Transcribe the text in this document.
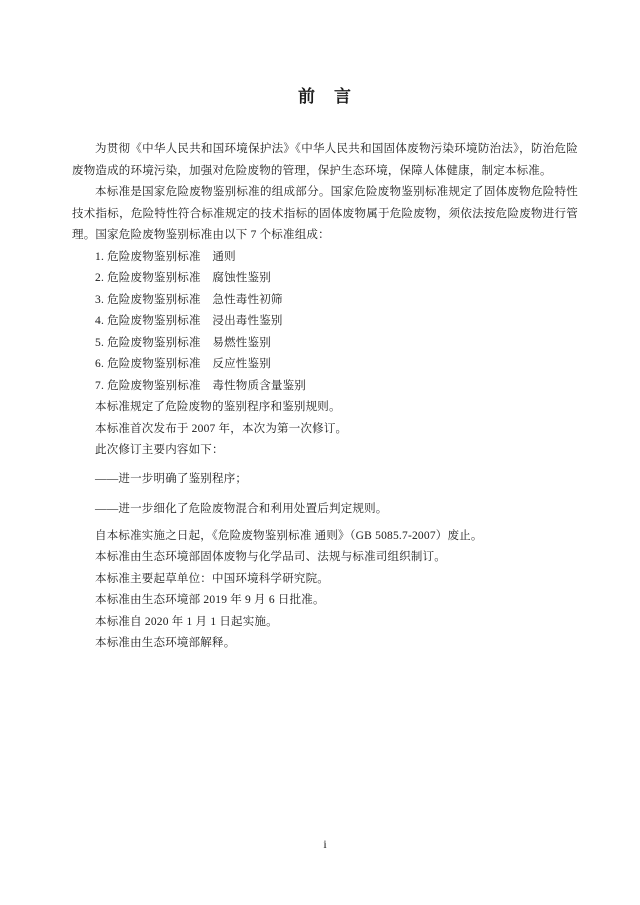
前　言

为贯彻《中华人民共和国环境保护法》《中华人民共和国固体废物污染环境防治法》，防治危险废物造成的环境污染，加强对危险废物的管理，保护生态环境，保障人体健康，制定本标准。

本标准是国家危险废物鉴别标准的组成部分。国家危险废物鉴别标准规定了固体废物危险特性技术指标，危险特性符合标准规定的技术指标的固体废物属于危险废物，须依法按危险废物进行管理。国家危险废物鉴别标准由以下 7 个标准组成：

1. 危险废物鉴别标准　通则

2. 危险废物鉴别标准　腐蚀性鉴别

3. 危险废物鉴别标准　急性毒性初筛

4. 危险废物鉴别标准　浸出毒性鉴别

5. 危险废物鉴别标准　易燃性鉴别

6. 危险废物鉴别标准　反应性鉴别

7. 危险废物鉴别标准　毒性物质含量鉴别

本标准规定了危险废物的鉴别程序和鉴别规则。

本标准首次发布于 2007 年，本次为第一次修订。

此次修订主要内容如下：

——进一步明确了鉴别程序；

——进一步细化了危险废物混合和利用处置后判定规则。

自本标准实施之日起，《危险废物鉴别标准 通则》（GB 5085.7-2007）废止。

本标准由生态环境部固体废物与化学品司、法规与标准司组织制订。

本标准主要起草单位：中国环境科学研究院。

本标准由生态环境部 2019 年 9 月 6 日批准。

本标准自 2020 年 1 月 1 日起实施。

本标准由生态环境部解释。

i
